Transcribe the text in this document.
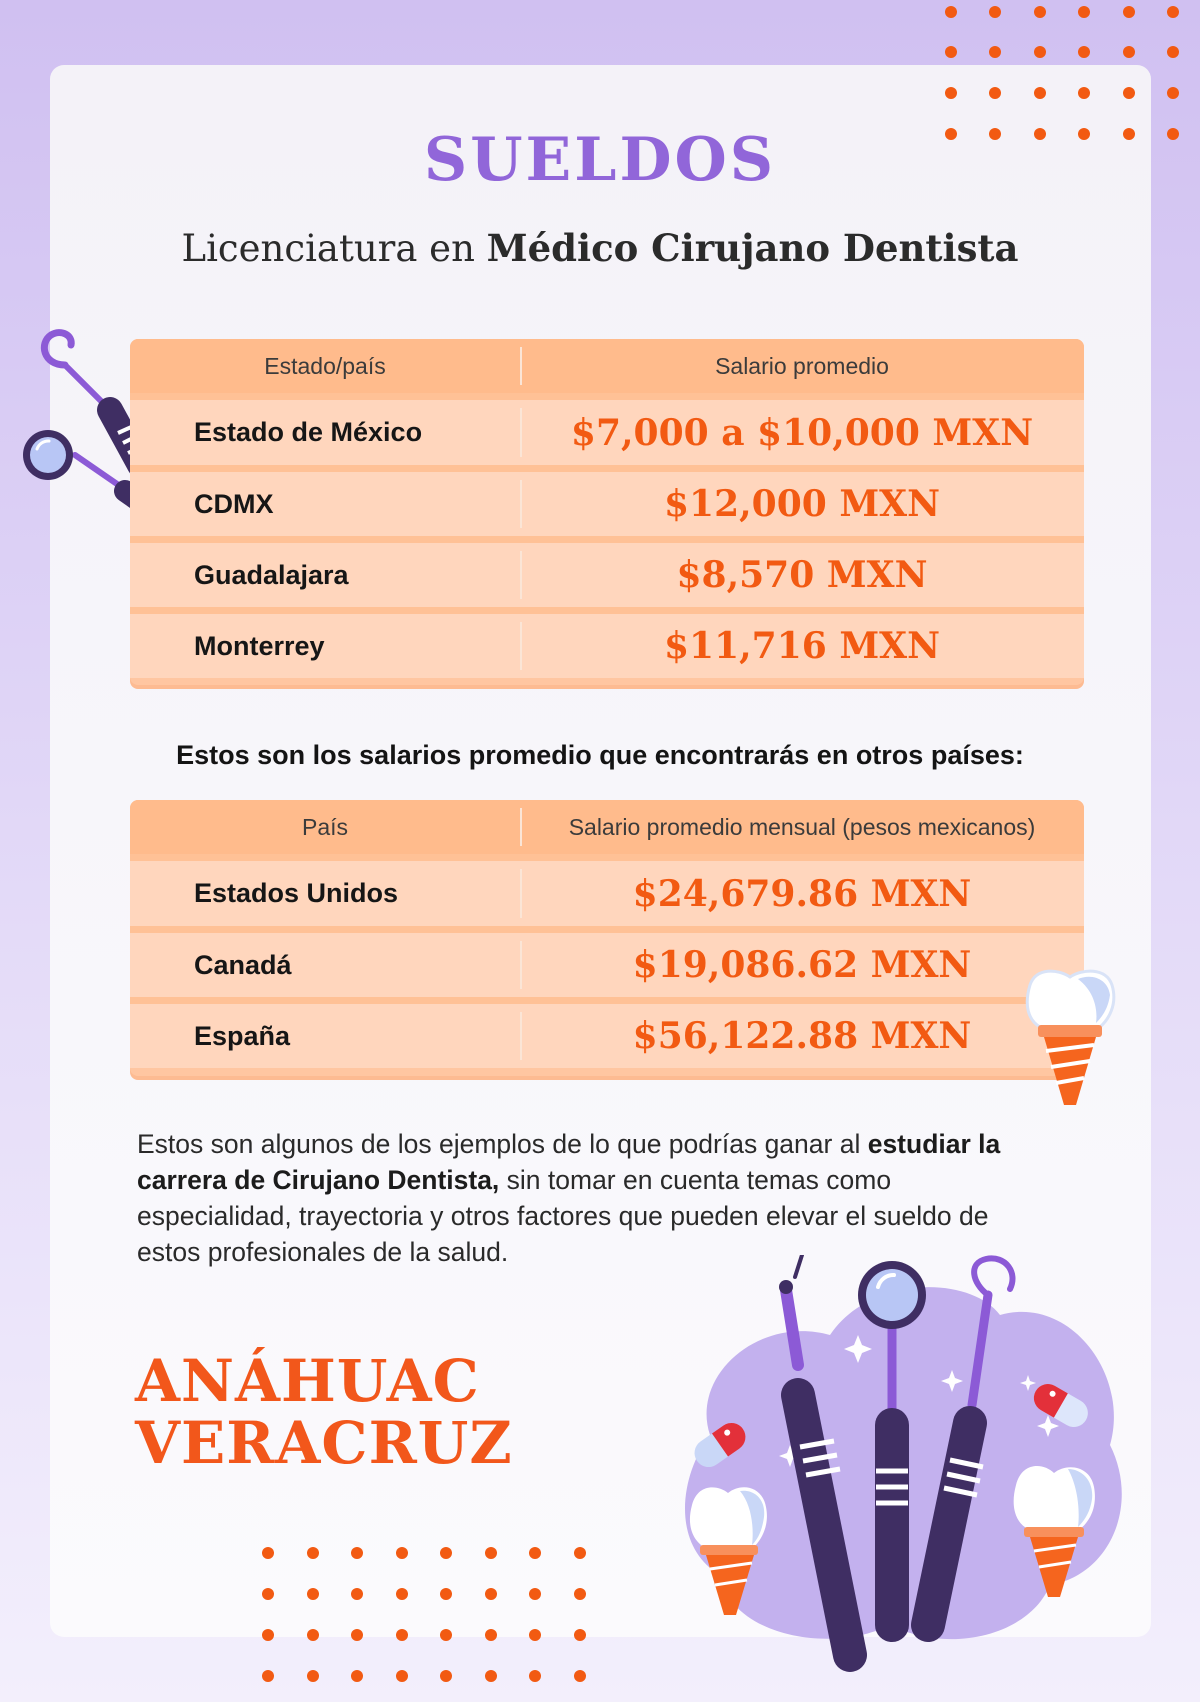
SUELDOS
Licenciatura en Médico Cirujano Dentista
Estado/país	Salario promedio
Estado de México	$7,000 a $10,000 MXN
CDMX	$12,000 MXN
Guadalajara	$8,570 MXN
Monterrey	$11,716 MXN

Estos son los salarios promedio que encontrarás en otros países:

País	Salario promedio mensual (pesos mexicanos)
Estados Unidos	$24,679.86 MXN
Canadá	$19,086.62 MXN
España	$56,122.88 MXN

Estos son algunos de los ejemplos de lo que podrías ganar al estudiar la carrera de Cirujano Dentista, sin tomar en cuenta temas como especialidad, trayectoria y otros factores que pueden elevar el sueldo de estos profesionales de la salud.

ANÁHUAC
VERACRUZ
